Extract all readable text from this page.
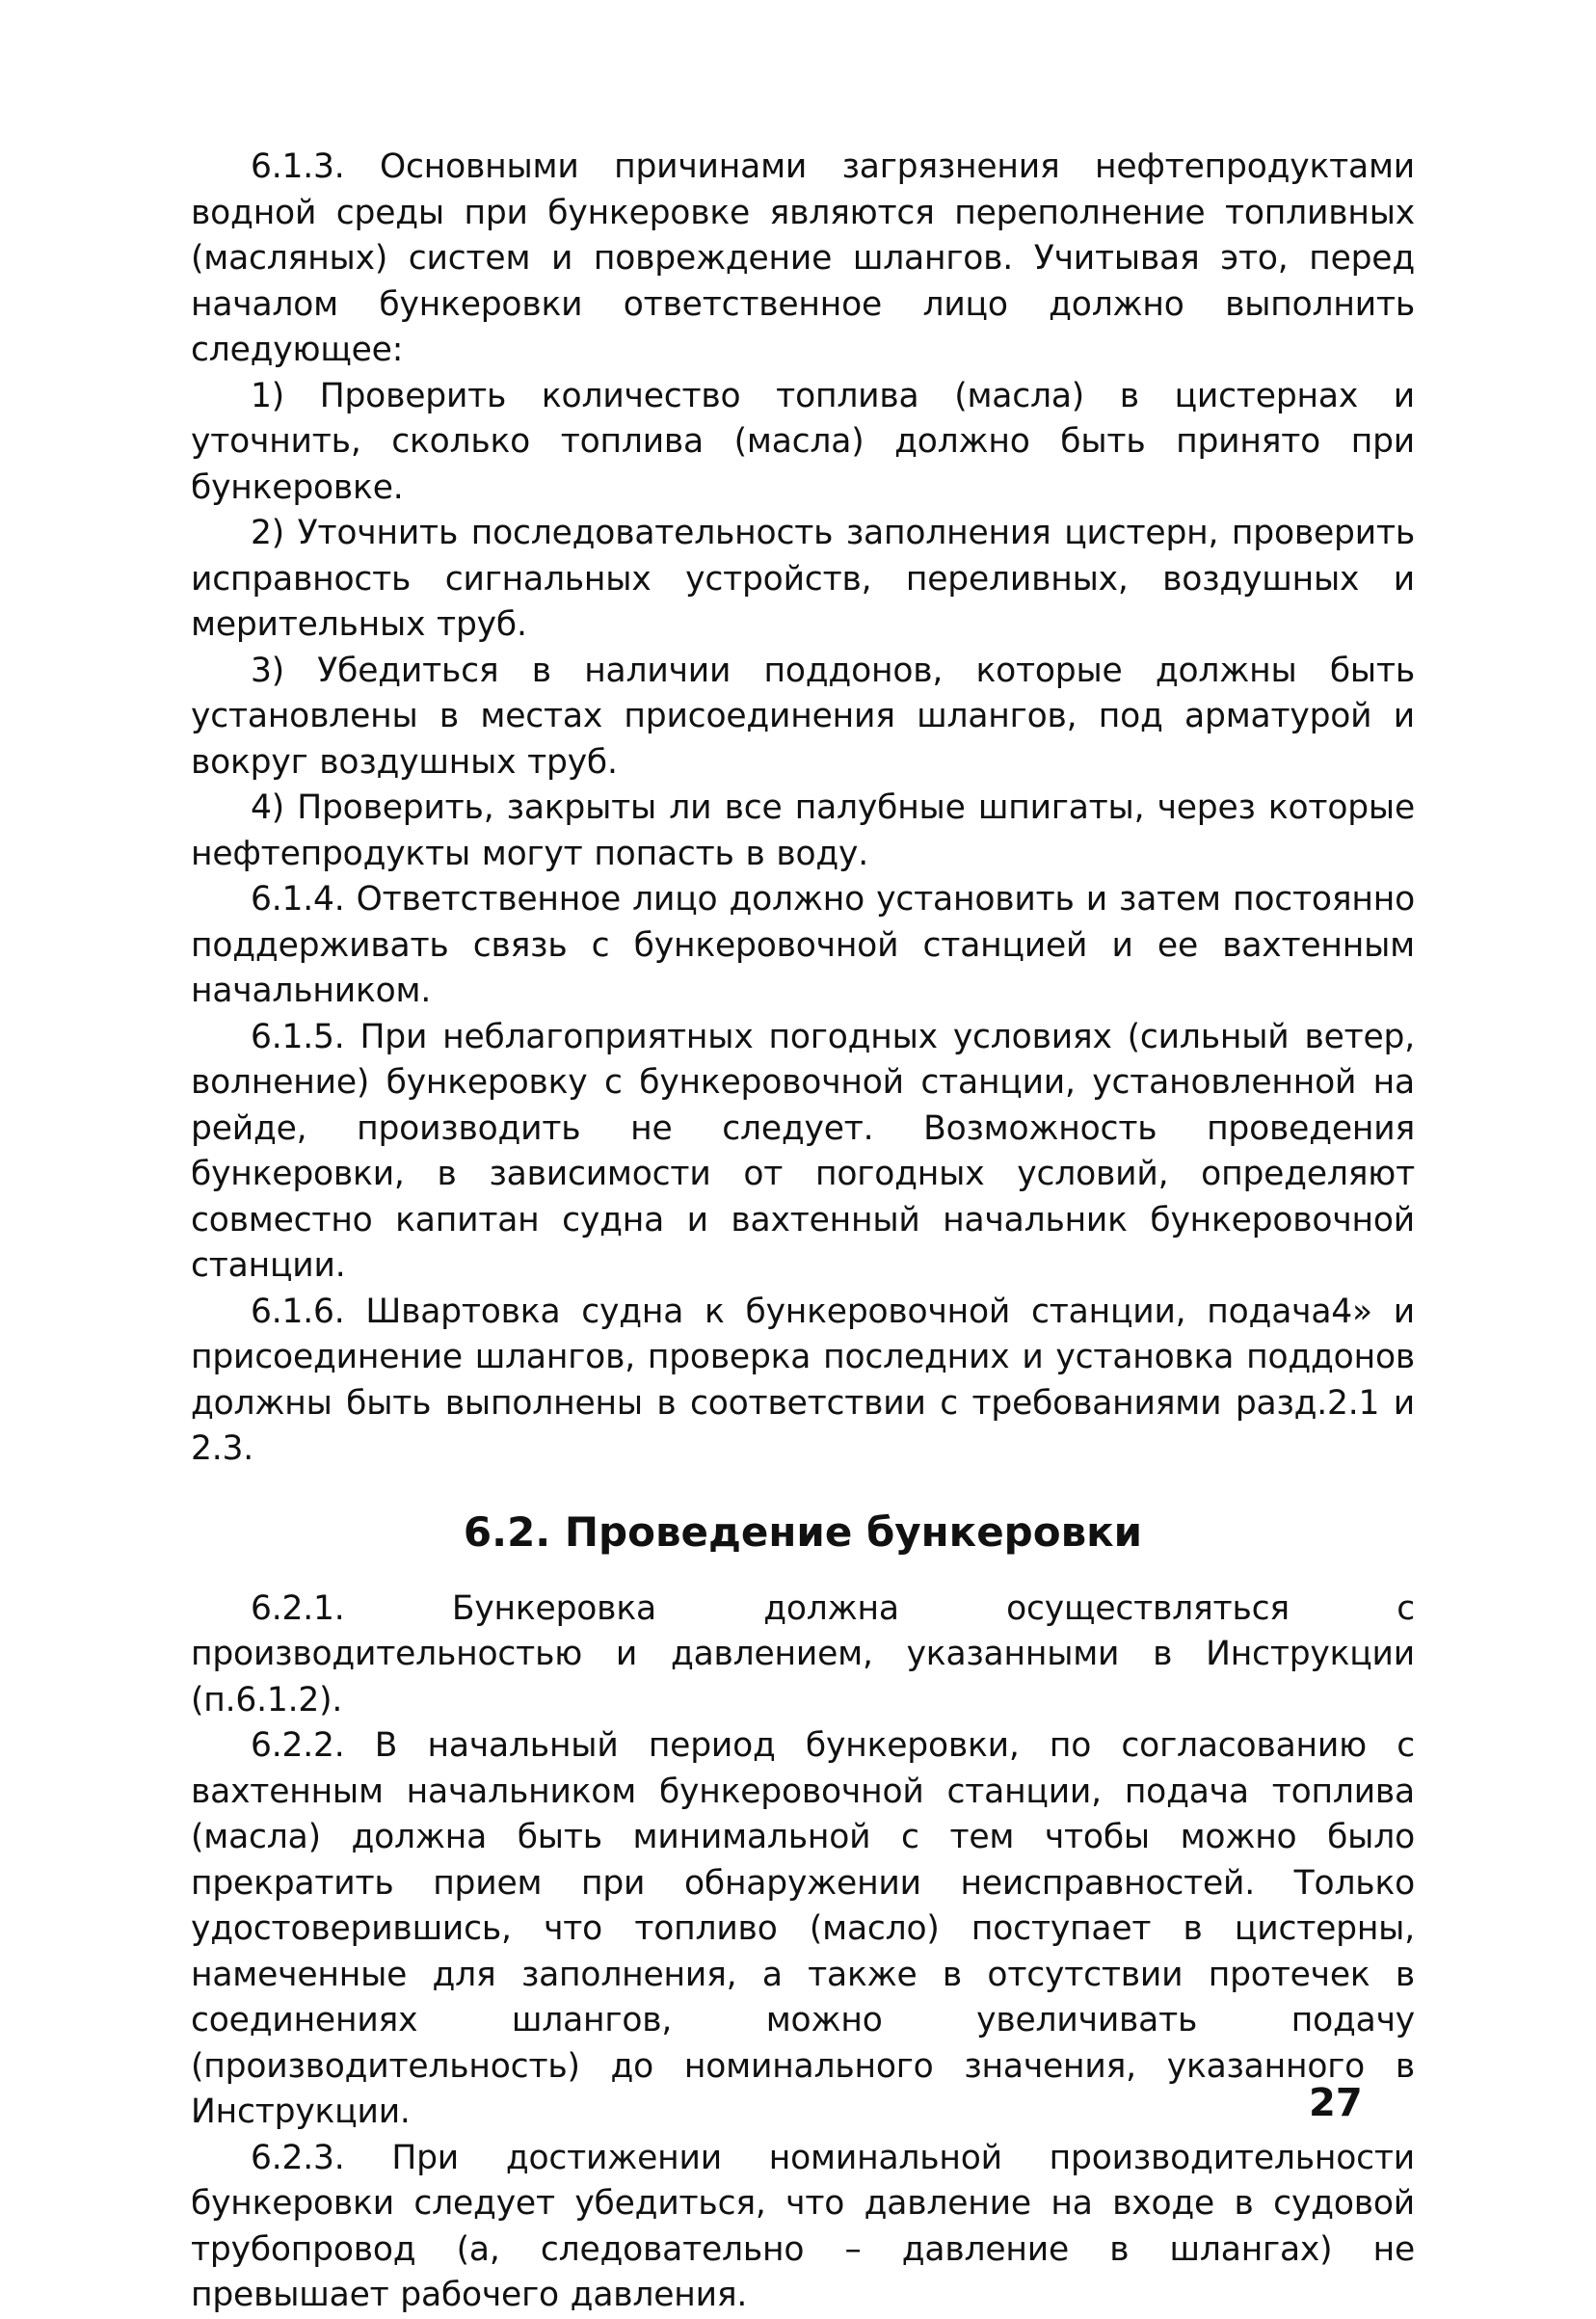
6.1.3. Основными причинами загрязнения нефтепродуктами водной среды при бункеровке являются переполнение топливных (масляных) систем и повреждение шлангов. Учитывая это, перед началом бункеровки ответственное лицо должно выполнить следующее:

1) Проверить количество топлива (масла) в цистернах и уточнить, сколько топлива (масла) должно быть принято при бункеровке.

2) Уточнить последовательность заполнения цистерн, проверить исправность сигнальных устройств, переливных, воздушных и мерительных труб.

3) Убедиться в наличии поддонов, которые должны быть установлены в местах присоединения шлангов, под арматурой и вокруг воздушных труб.

4) Проверить, закрыты ли все палубные шпигаты, через которые нефтепродукты могут попасть в воду.

6.1.4. Ответственное лицо должно установить и затем постоянно поддерживать связь с бункеровочной станцией и ее вахтенным начальником.

6.1.5. При неблагоприятных погодных условиях (сильный ветер, волнение) бункеровку с бункеровочной станции, установленной на рейде, производить не следует. Возможность проведения бункеровки, в зависимости от погодных условий, определяют совместно капитан судна и вахтенный начальник бункеровочной станции.

6.1.6. Швартовка судна к бункеровочной станции, подача4» и присоединение шлангов, проверка последних и установка поддонов должны быть выполнены в соответствии с требованиями разд.2.1 и 2.3.

6.2. Проведение бункеровки

6.2.1. Бункеровка должна осуществляться с производительностью и давлением, указанными в Инструкции (п.6.1.2).

6.2.2. В начальный период бункеровки, по согласованию с вахтенным начальником бункеровочной станции, подача топлива (масла) должна быть минимальной с тем чтобы можно было прекратить прием при обнаружении неисправностей. Только удостоверившись, что топливо (масло) поступает в цистерны, намеченные для заполнения, а также в отсутствии протечек в соединениях шлангов, можно увеличивать подачу (производительность) до номинального значения, указанного в Инструкции.

6.2.3. При достижении номинальной производительности бункеровки следует убедиться, что давление на входе в судовой трубопровод (а, следовательно – давление в шлангах) не превышает рабочего давления.

27
